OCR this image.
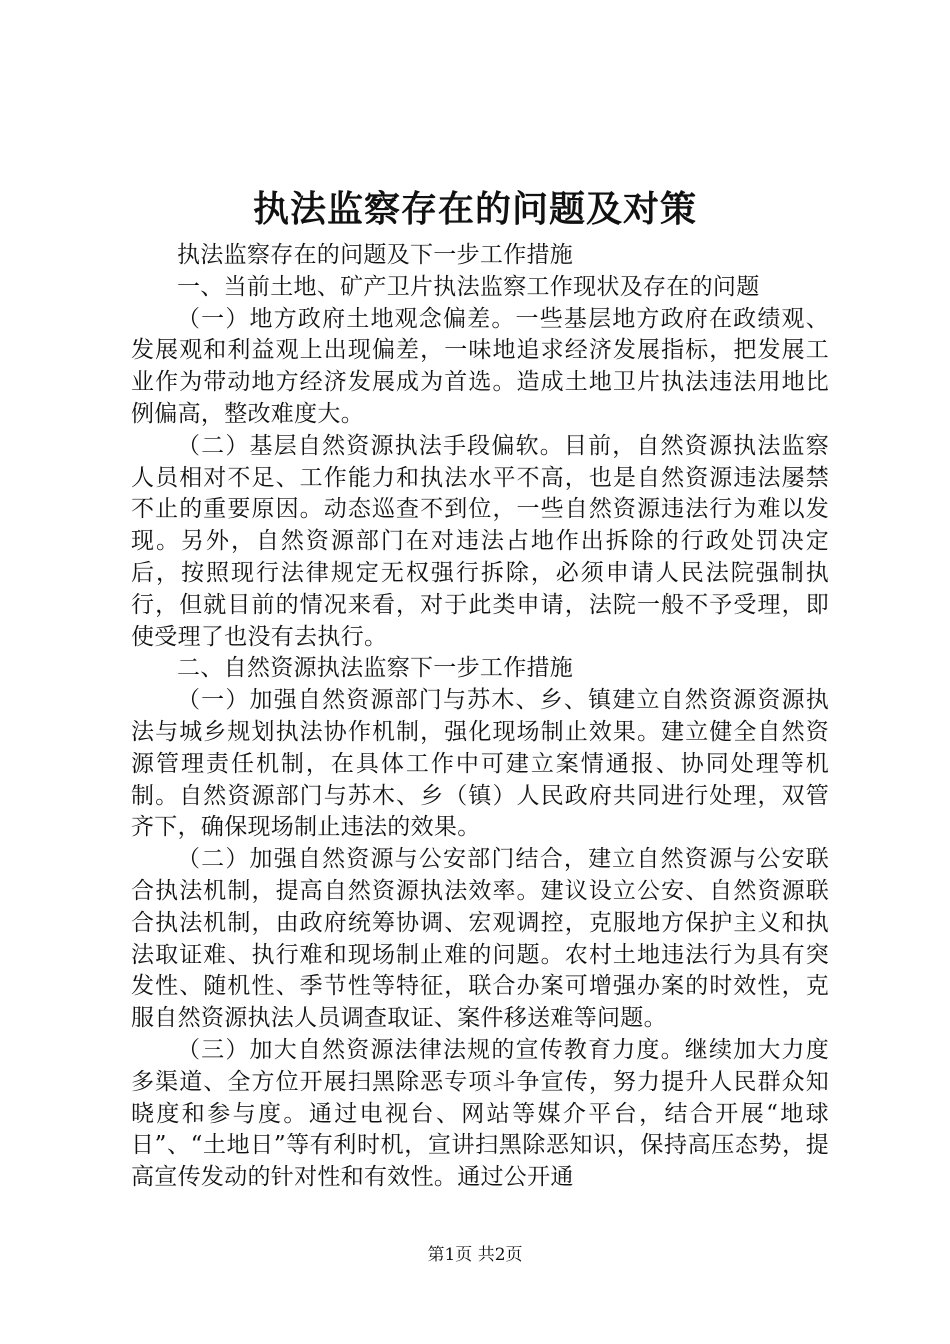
执法监察存在的问题及对策

执法监察存在的问题及下一步工作措施

一、当前土地、矿产卫片执法监察工作现状及存在的问题

（一）地方政府土地观念偏差。一些基层地方政府在政绩观、发展观和利益观上出现偏差，一味地追求经济发展指标，把发展工业作为带动地方经济发展成为首选。造成土地卫片执法违法用地比例偏高，整改难度大。

（二）基层自然资源执法手段偏软。目前，自然资源执法监察人员相对不足、工作能力和执法水平不高，也是自然资源违法屡禁不止的重要原因。动态巡查不到位，一些自然资源违法行为难以发现。另外，自然资源部门在对违法占地作出拆除的行政处罚决定后，按照现行法律规定无权强行拆除，必须申请人民法院强制执行，但就目前的情况来看，对于此类申请，法院一般不予受理，即使受理了也没有去执行。

二、自然资源执法监察下一步工作措施

（一）加强自然资源部门与苏木、乡、镇建立自然资源资源执法与城乡规划执法协作机制，强化现场制止效果。建立健全自然资源管理责任机制，在具体工作中可建立案情通报、协同处理等机制。自然资源部门与苏木、乡（镇）人民政府共同进行处理，双管齐下，确保现场制止违法的效果。

（二）加强自然资源与公安部门结合，建立自然资源与公安联合执法机制，提高自然资源执法效率。建议设立公安、自然资源联合执法机制，由政府统筹协调、宏观调控，克服地方保护主义和执法取证难、执行难和现场制止难的问题。农村土地违法行为具有突发性、随机性、季节性等特征，联合办案可增强办案的时效性，克服自然资源执法人员调查取证、案件移送难等问题。

（三）加大自然资源法律法规的宣传教育力度。继续加大力度多渠道、全方位开展扫黑除恶专项斗争宣传，努力提升人民群众知晓度和参与度。通过电视台、网站等媒介平台，结合开展“地球日”、“土地日”等有利时机，宣讲扫黑除恶知识，保持高压态势，提高宣传发动的针对性和有效性。通过公开通

第1页 共2页
